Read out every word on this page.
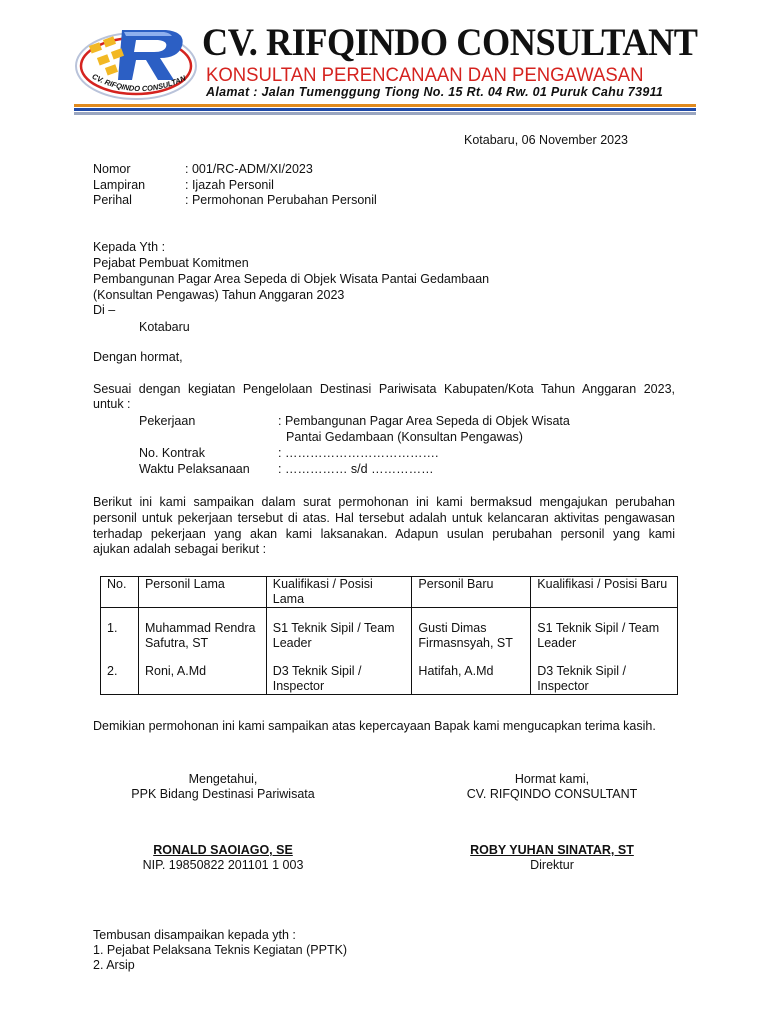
CV. RIFQINDO CONSULTAN
CV. RIFQINDO CONSULTANT
KONSULTAN PERENCANAAN DAN PENGAWASAN
Alamat : Jalan Tumenggung Tiong No. 15 Rt. 04 Rw. 01 Puruk Cahu 73911
Kotabaru, 06 November 2023
Nomor	: 001/RC-ADM/XI/2023
Lampiran	: Ijazah Personil
Perihal	: Permohonan Perubahan Personil
Kepada Yth :
Pejabat Pembuat Komitmen
Pembangunan Pagar Area Sepeda di Objek Wisata Pantai Gedambaan
(Konsultan Pengawas) Tahun Anggaran 2023
Di –
Kotabaru
Dengan hormat,
Sesuai dengan kegiatan Pengelolaan Destinasi Pariwisata Kabupaten/Kota Tahun Anggaran 2023,
untuk :
Pekerjaan	: Pembangunan Pagar Area Sepeda di Objek Wisata
Pantai Gedambaan (Konsultan Pengawas)
No. Kontrak	: ……………………………….
Waktu Pelaksanaan : …………… s/d ……………
Berikut ini kami sampaikan dalam surat permohonan ini kami bermaksud mengajukan perubahan
personil untuk pekerjaan tersebut di atas. Hal tersebut adalah untuk kelancaran aktivitas pengawasan
terhadap pekerjaan yang akan kami laksanakan. Adapun usulan perubahan personil yang kami
ajukan adalah sebagai berikut :
No.	Personil Lama	Kualifikasi / Posisi Lama	Personil Baru	Kualifikasi / Posisi Baru
1.	Muhammad Rendra Safutra, ST	S1 Teknik Sipil / Team Leader	Gusti Dimas Firmasnsyah, ST	S1 Teknik Sipil / Team Leader
2.	Roni, A.Md	D3 Teknik Sipil / Inspector	Hatifah, A.Md	D3 Teknik Sipil / Inspector
Demikian permohonan ini kami sampaikan atas kepercayaan Bapak kami mengucapkan terima kasih.
Mengetahui,
PPK Bidang Destinasi Pariwisata
RONALD SAOIAGO, SE
NIP. 19850822 201101 1 003
Hormat kami,
CV. RIFQINDO CONSULTANT
ROBY YUHAN SINATAR, ST
Direktur
Tembusan disampaikan kepada yth :
1. Pejabat Pelaksana Teknis Kegiatan (PPTK)
2. Arsip
